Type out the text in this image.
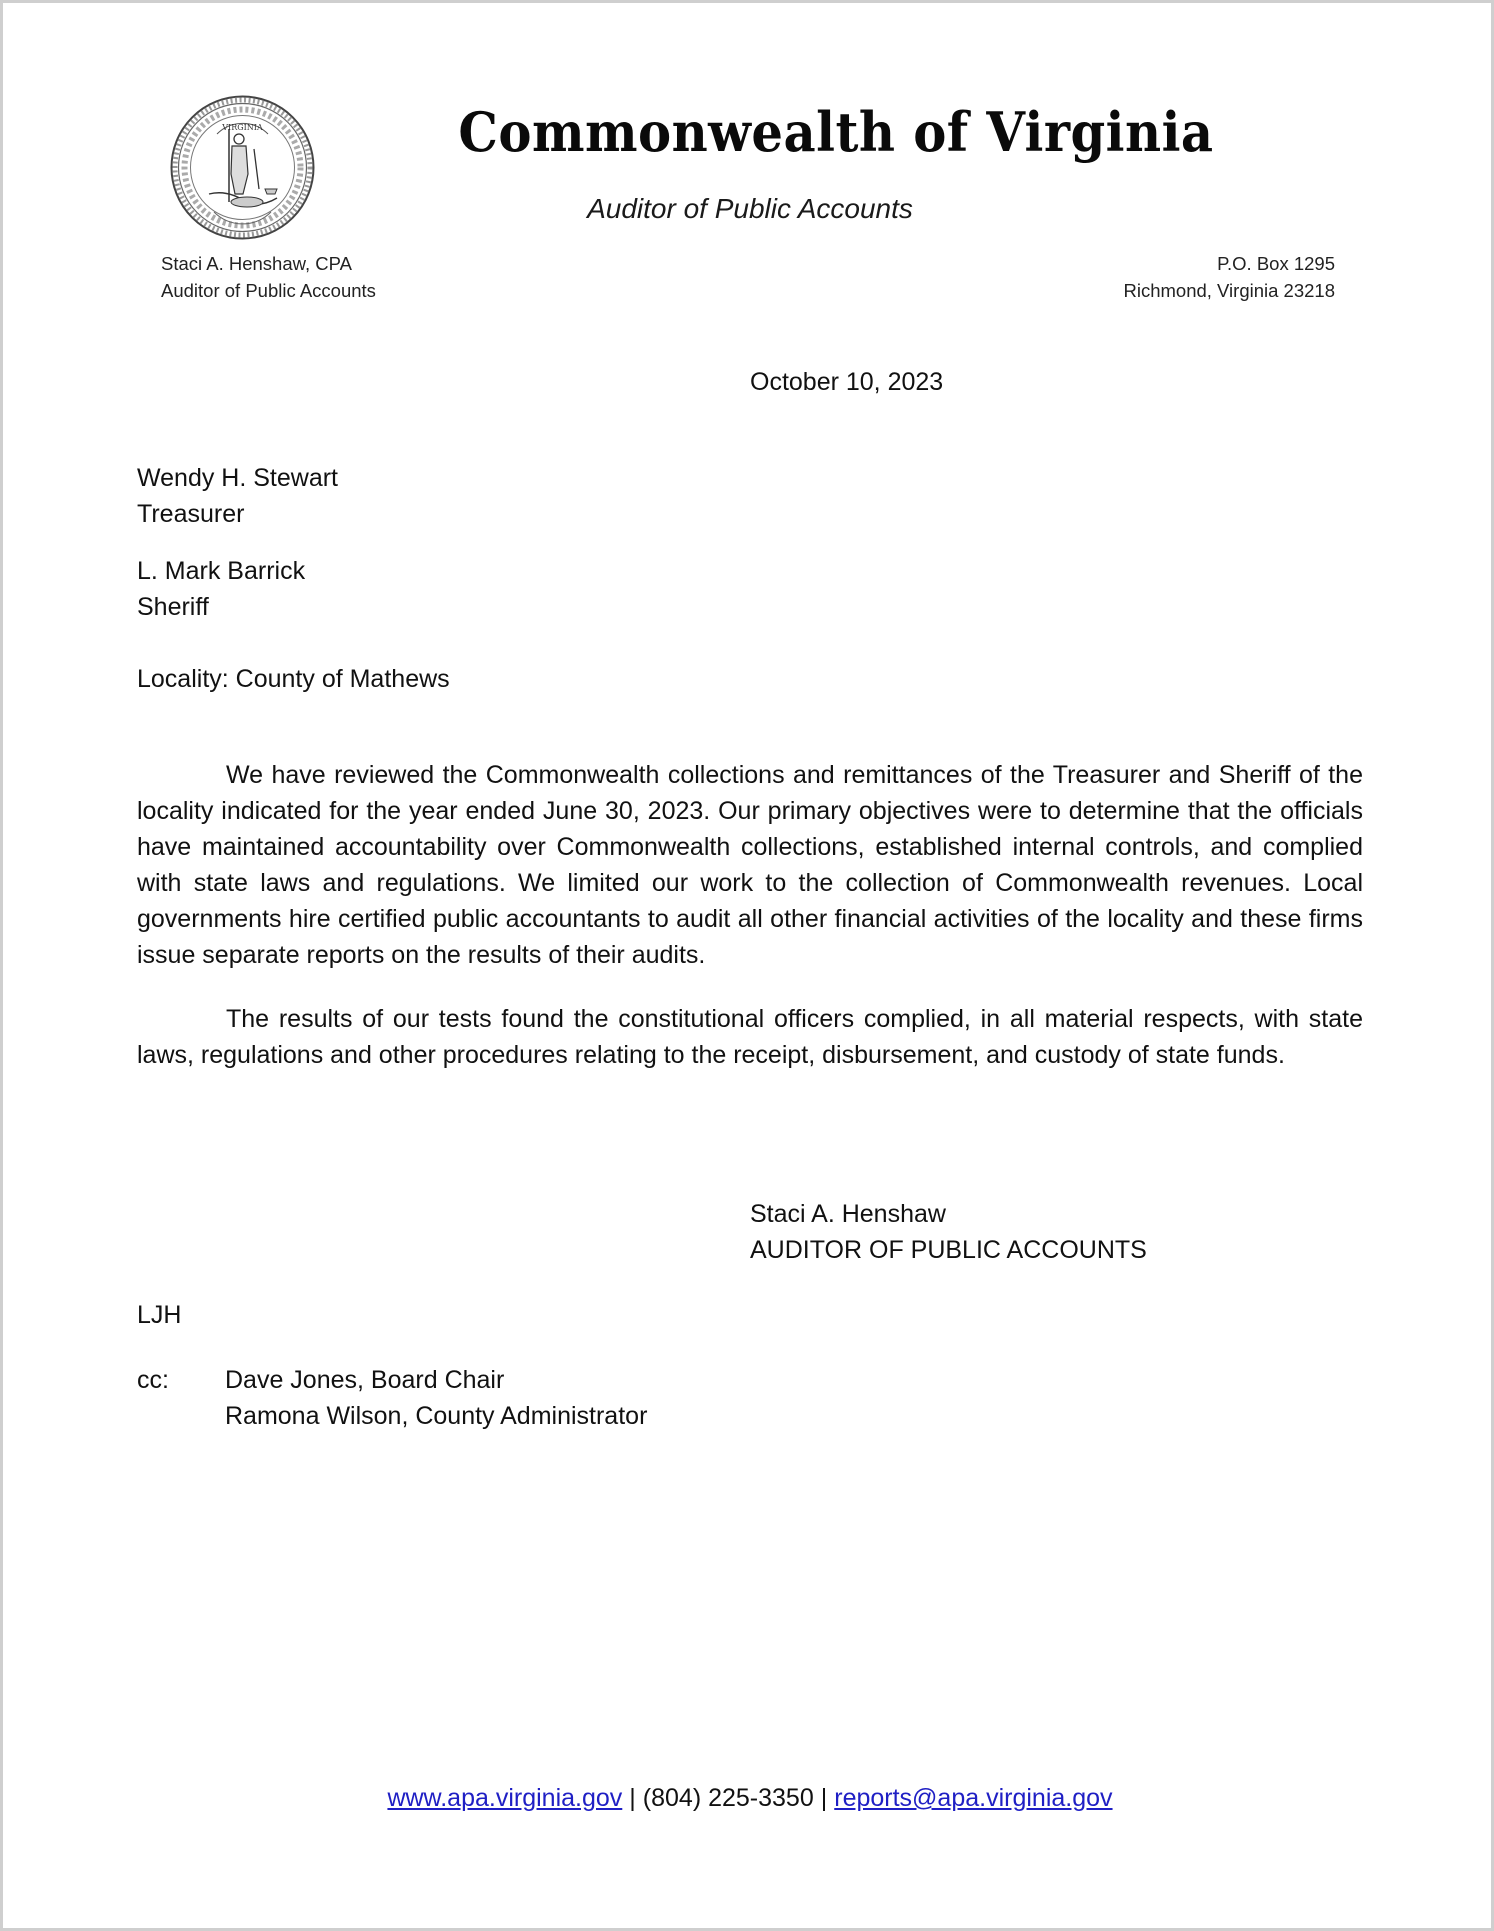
VIRGINIA	Commonwealth of Virginia
Auditor of Public Accounts
Staci A. Henshaw, CPA
Auditor of Public Accounts
P.O. Box 1295
Richmond, Virginia 23218
October 10, 2023
Wendy H. Stewart
Treasurer
L. Mark Barrick
Sheriff
Locality: County of Mathews

We have reviewed the Commonwealth collections and remittances of the Treasurer and Sheriff of the locality indicated for the year ended June 30, 2023. Our primary objectives were to determine that the officials have maintained accountability over Commonwealth collections, established internal controls, and complied with state laws and regulations. We limited our work to the collection of Commonwealth revenues. Local governments hire certified public accountants to audit all other financial activities of the locality and these firms issue separate reports on the results of their audits.

The results of our tests found the constitutional officers complied, in all material respects, with state laws, regulations and other procedures relating to the receipt, disbursement, and custody of state funds.

Staci A. Henshaw
AUDITOR OF PUBLIC ACCOUNTS
LJH
cc: Dave Jones, Board Chair
Ramona Wilson, County Administrator
www.apa.virginia.gov | (804) 225-3350 | reports@apa.virginia.gov
